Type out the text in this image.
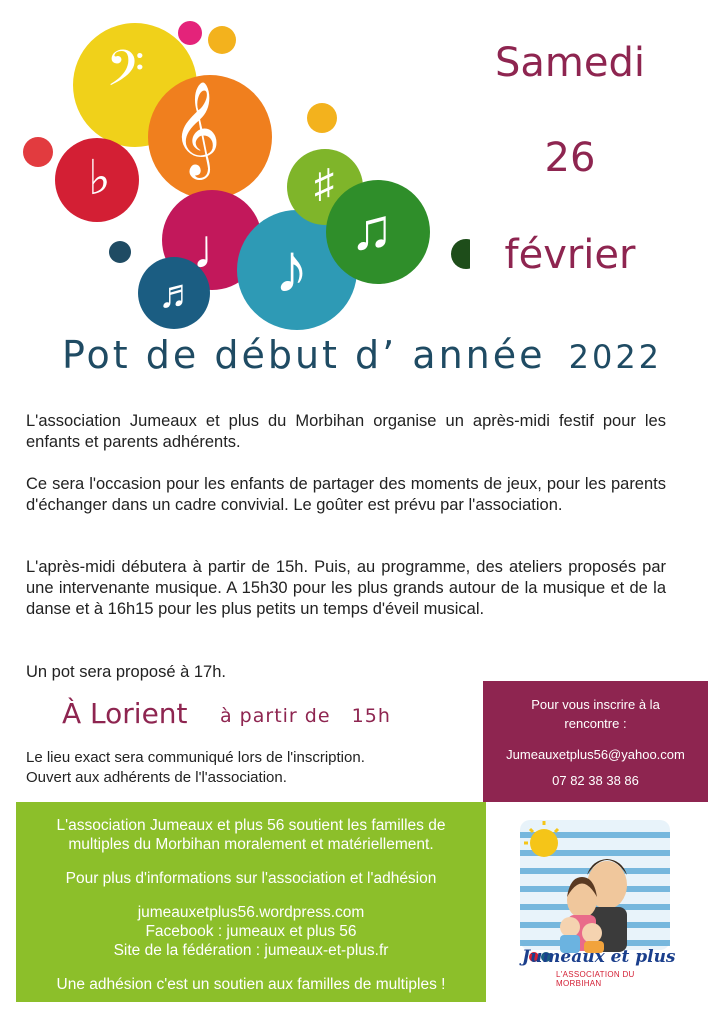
𝄢
𝄞
♭	♯
♩ ♪ ♫
♬
Samedi
26
février
Pot de début d’ année 2022
L'association Jumeaux et plus du Morbihan organise un après-midi festif pour les enfants et parents adhérents.
Ce sera l'occasion pour les enfants de partager des moments de jeux, pour les parents d'échanger dans un cadre convivial. Le goûter est prévu par l'association.
L'après-midi débutera à partir de 15h. Puis, au programme, des ateliers proposés par une intervenante musique. A 15h30 pour les plus grands autour de la musique et de la danse et à 16h15 pour les plus petits un temps d'éveil musical.
Un pot sera proposé à 17h.
À Lorient à partir de   15h
Le lieu exact sera communiqué lors de l'inscription.
Ouvert aux adhérents de l'l'association.
Pour vous inscrire à la
rencontre :
Jumeauxetplus56@yahoo.com
07 82 38 38 86

L'association Jumeaux et plus 56 soutient les familles de

multiples du Morbihan moralement et matériellement.

Pour plus d'informations sur l'association et l'adhésion

jumeauxetplus56.wordpress.com

Facebook : jumeaux et plus 56

Site de la fédération : jumeaux-et-plus.fr

Une adhésion c'est un soutien aux familles de multiples !

Jumeaux et plus
L'ASSOCIATION DU MORBIHAN
